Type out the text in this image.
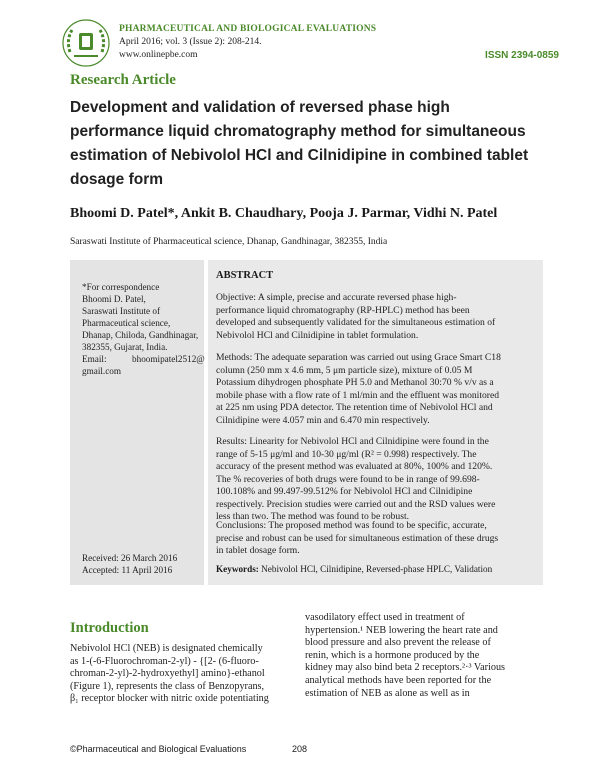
PHARMACEUTICAL AND BIOLOGICAL EVALUATIONS
April 2016; vol. 3 (Issue 2): 208-214.
www.onlinepbe.com	ISSN 2394-0859
Research Article
Development and validation of reversed phase high
performance liquid chromatography method for simultaneous
estimation of Nebivolol HCl and Cilnidipine in combined tablet
dosage form
Bhoomi D. Patel*, Ankit B. Chaudhary, Pooja J. Parmar, Vidhi N. Patel
Saraswati Institute of Pharmaceutical science, Dhanap, Gandhinagar, 382355, India
*For correspondence
Bhoomi D. Patel,
Saraswati Institute of
Pharmaceutical science,
Dhanap, Chiloda, Gandhinagar,
382355, Gujarat, India.
Email:	bhoomipatel2512@
gmail.com
Received: 26 March 2016
Accepted: 11 April 2016
ABSTRACT
Objective: A simple, precise and accurate reversed phase high-
performance liquid chromatography (RP-HPLC) method has been
developed and subsequently validated for the simultaneous estimation of
Nebivolol HCl and Cilnidipine in tablet formulation.
Methods: The adequate separation was carried out using Grace Smart C18
column (250 mm x 4.6 mm, 5 μm particle size), mixture of 0.05 M
Potassium dihydrogen phosphate PH 5.0 and Methanol 30:70 % v/v as a
mobile phase with a flow rate of 1 ml/min and the effluent was monitored
at 225 nm using PDA detector. The retention time of Nebivolol HCl and
Cilnidipine were 4.057 min and 6.470 min respectively.
Results: Linearity for Nebivolol HCl and Cilnidipine were found in the
range of 5-15 μg/ml and 10-30 μg/ml (R² = 0.998) respectively. The
accuracy of the present method was evaluated at 80%, 100% and 120%.
The % recoveries of both drugs were found to be in range of 99.698-
100.108% and 99.497-99.512% for Nebivolol HCl and Cilnidipine
respectively. Precision studies were carried out and the RSD values were
less than two. The method was found to be robust.
Conclusions: The proposed method was found to be specific, accurate,
precise and robust can be used for simultaneous estimation of these drugs
in tablet dosage form.
Keywords: Nebivolol HCl, Cilnidipine, Reversed-phase HPLC, Validation
Introduction
Nebivolol HCl (NEB) is designated chemically
as 1-(-6-Fluorochroman-2-yl) - {[2- (6-fluoro-
chroman-2-yl)-2-hydroxyethyl] amino}-ethanol
(Figure 1), represents the class of Benzopyrans,
β₁ receptor blocker with nitric oxide potentiating
vasodilatory effect used in treatment of
hypertension.¹ NEB lowering the heart rate and
blood pressure and also prevent the release of
renin, which is a hormone produced by the
kidney may also bind beta 2 receptors.²·³ Various
analytical methods have been reported for the
estimation of NEB as alone as well as in
©Pharmaceutical and Biological Evaluations	208
